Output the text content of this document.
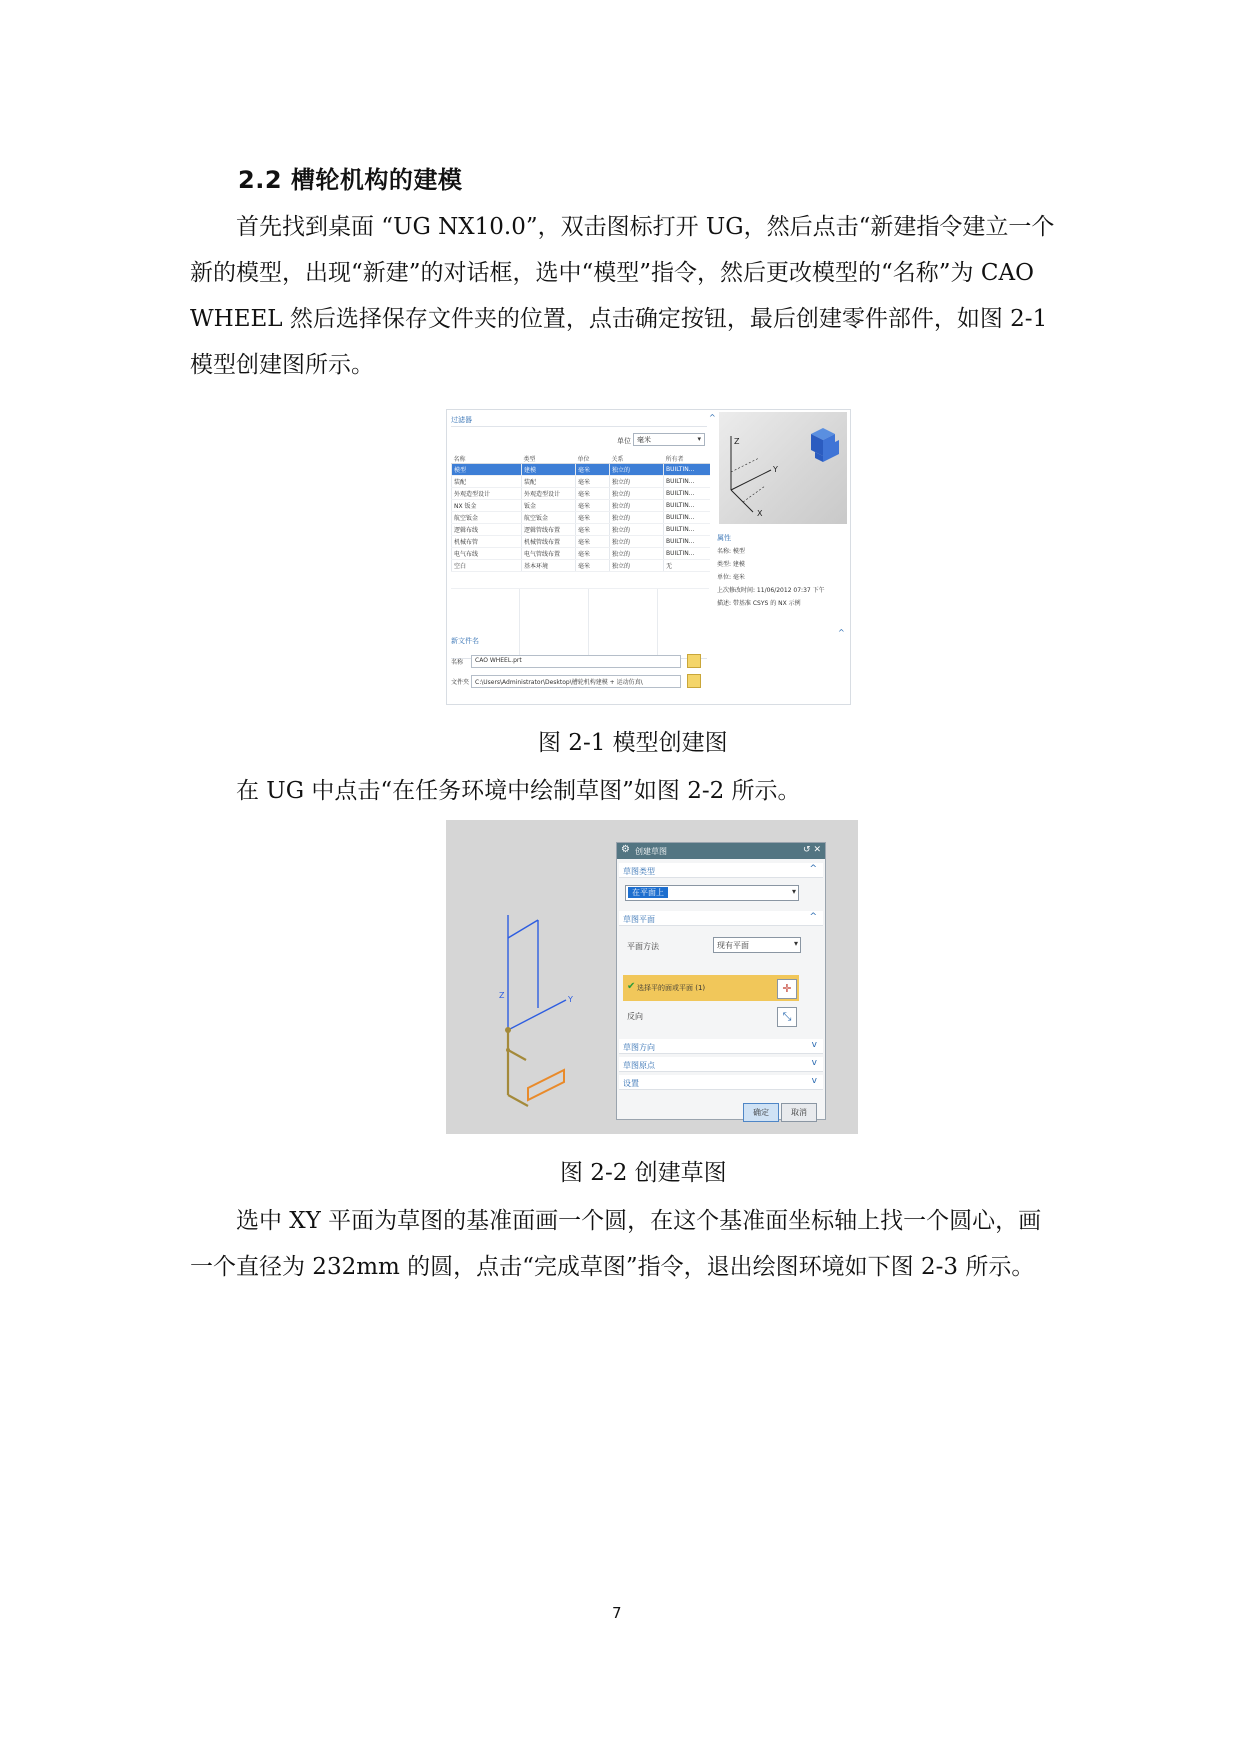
2.2 槽轮机构的建模

首先找到桌面 “UG NX10.0”，双击图标打开 UG，然后点击“新建指令建立一个新的模型，出现“新建”的对话框，选中“模型”指令，然后更改模型的“名称”为 CAO WHEEL 然后选择保存文件夹的位置，点击确定按钮，最后创建零件部件，如图 2-1 模型创建图所示。

过滤器
单位 毫米	▾
名称	类型	单位	关系	所有者
模型	建模	毫米	独立的	BUILTIN...
装配	装配	毫米	独立的	BUILTIN...
外观造型设计	外观造型设计	毫米	独立的	BUILTIN...
NX 钣金	钣金	毫米	独立的	BUILTIN...
航空钣金	航空钣金	毫米	独立的	BUILTIN...
逻辑布线	逻辑管线布置	毫米	独立的	BUILTIN...
机械布管	机械管线布置	毫米	独立的	BUILTIN...
电气布线	电气管线布置	毫米	独立的	BUILTIN...
空白	基本环境	毫米	独立的	无
新文件名
名称 CAO WHEEL.prt
文件夹 C:\Users\Administrator\Desktop\槽轮机构建模 + 运动仿真\
^
^
Z
Y
X
属性
名称: 模型
类型: 建模
单位: 毫米
上次修改时间: 11/06/2012 07:37 下午
描述: 带基准 CSYS 的 NX 示例
图 2-1 模型创建图

在 UG 中点击“在任务环境中绘制草图”如图 2-2 所示。

Z	Y
⚙ 创建草图	↺ ✕
草图类型	^
在平面上	▾
草图平面	^
平面方法	现有平面	▾
✔ 选择平的面或平面 (1)	✛
反向	⤡
草图方向	v
草图原点	v
设置	v
确定	取消
图 2-2 创建草图

选中 XY 平面为草图的基准面画一个圆，在这个基准面坐标轴上找一个圆心，画一个直径为 232mm 的圆，点击“完成草图”指令，退出绘图环境如下图 2-3 所示。

7
